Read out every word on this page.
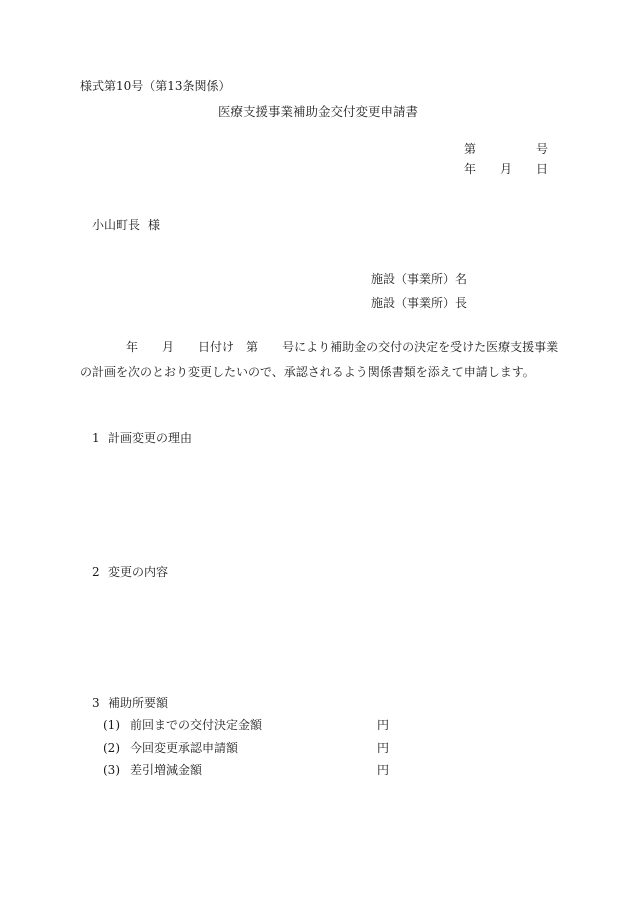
様式第10号（第13条関係）
医療支援事業補助金交付変更申請書
第	号
年 月 日
小山町長 様
施設（事業所）名
施設（事業所）長
年 月 日付け 第 号により補助金の交付の決定を受けた医療支援事業
の計画を次のとおり変更したいので、承認されるよう関係書類を添えて申請します。
1 計画変更の理由
2 変更の内容
3 補助所要額
(1) 前回までの交付決定金額	円
(2) 今回変更承認申請額	円
(3) 差引増減金額	円
